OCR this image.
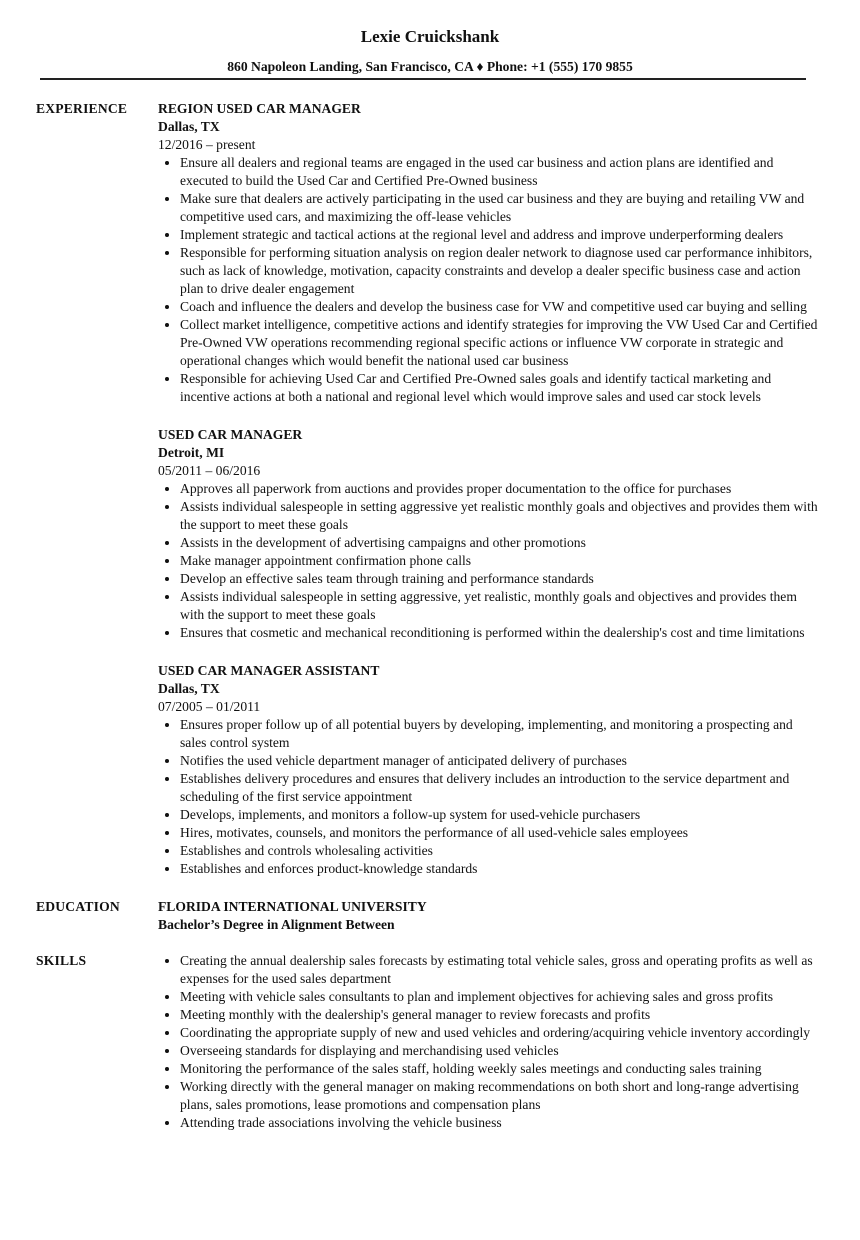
Lexie Cruickshank
860 Napoleon Landing, San Francisco, CA ♦ Phone: +1 (555) 170 9855
EXPERIENCE REGION USED CAR MANAGER
Dallas, TX
12/2016 – present
• Ensure all dealers and regional teams are engaged in the used car business and action plans are identified and executed to build the Used Car and Certified Pre-Owned business
• Make sure that dealers are actively participating in the used car business and they are buying and retailing VW and competitive used cars, and maximizing the off-lease vehicles
• Implement strategic and tactical actions at the regional level and address and improve underperforming dealers
• Responsible for performing situation analysis on region dealer network to diagnose used car performance inhibitors, such as lack of knowledge, motivation, capacity constraints and develop a dealer specific business case and action plan to drive dealer engagement
• Coach and influence the dealers and develop the business case for VW and competitive used car buying and selling
• Collect market intelligence, competitive actions and identify strategies for improving the VW Used Car and Certified Pre-Owned VW operations recommending regional specific actions or influence VW corporate in strategic and operational changes which would benefit the national used car business
• Responsible for achieving Used Car and Certified Pre-Owned sales goals and identify tactical marketing and incentive actions at both a national and regional level which would improve sales and used car stock levels
USED CAR MANAGER
Detroit, MI
05/2011 – 06/2016
• Approves all paperwork from auctions and provides proper documentation to the office for purchases
• Assists individual salespeople in setting aggressive yet realistic monthly goals and objectives and provides them with the support to meet these goals
• Assists in the development of advertising campaigns and other promotions
• Make manager appointment confirmation phone calls
• Develop an effective sales team through training and performance standards
• Assists individual salespeople in setting aggressive, yet realistic, monthly goals and objectives and provides them with the support to meet these goals
• Ensures that cosmetic and mechanical reconditioning is performed within the dealership's cost and time limitations
USED CAR MANAGER ASSISTANT
Dallas, TX
07/2005 – 01/2011
• Ensures proper follow up of all potential buyers by developing, implementing, and monitoring a prospecting and sales control system
• Notifies the used vehicle department manager of anticipated delivery of purchases
• Establishes delivery procedures and ensures that delivery includes an introduction to the service department and scheduling of the first service appointment
• Develops, implements, and monitors a follow-up system for used-vehicle purchasers
• Hires, motivates, counsels, and monitors the performance of all used-vehicle sales employees
• Establishes and controls wholesaling activities
• Establishes and enforces product-knowledge standards
EDUCATION	FLORIDA INTERNATIONAL UNIVERSITY
Bachelor’s Degree in Alignment Between
SKILLS
•	Creating the annual dealership sales forecasts by estimating total vehicle sales, gross and operating profits as well as expenses for the used sales department
• Meeting with vehicle sales consultants to plan and implement objectives for achieving sales and gross profits
• Meeting monthly with the dealership's general manager to review forecasts and profits
• Coordinating the appropriate supply of new and used vehicles and ordering/acquiring vehicle inventory accordingly
• Overseeing standards for displaying and merchandising used vehicles
• Monitoring the performance of the sales staff, holding weekly sales meetings and conducting sales training
• Working directly with the general manager on making recommendations on both short and long-range advertising plans, sales promotions, lease promotions and compensation plans
• Attending trade associations involving the vehicle business
